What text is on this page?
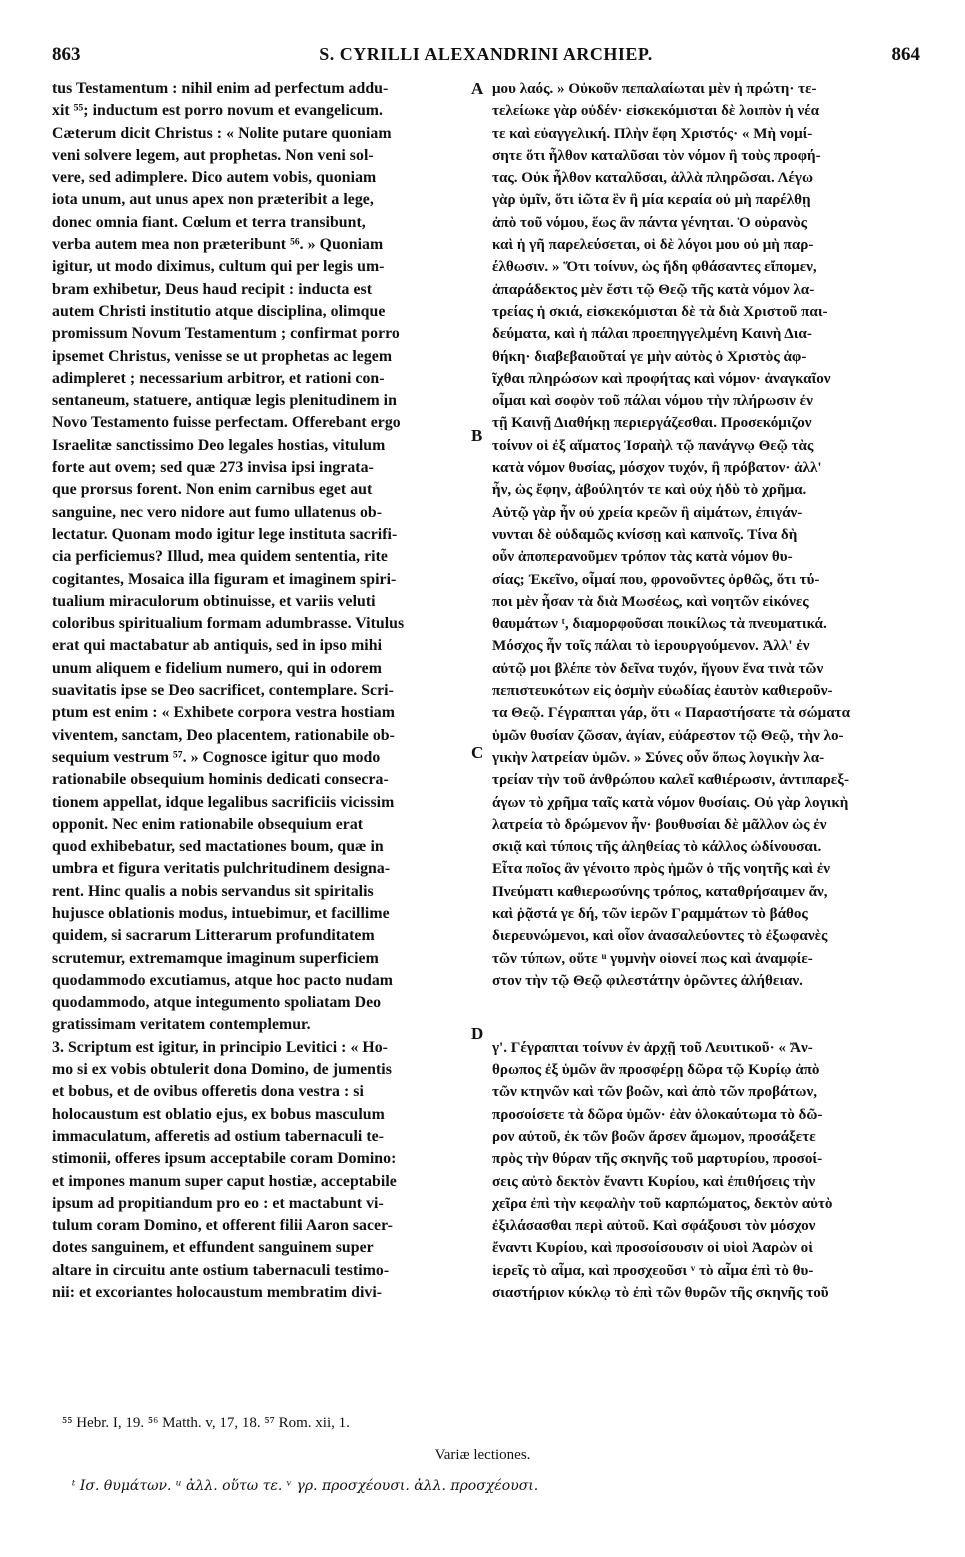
863	S. CYRILLI ALEXANDRINI ARCHIEP.	864
tus Testamentum : nihil enim ad perfectum addu-
xit ⁵⁵; inductum est porro novum et evangelicum.
Cæterum dicit Christus : « Nolite putare quoniam
veni solvere legem, aut prophetas. Non veni sol-
vere, sed adimplere. Dico autem vobis, quoniam
iota unum, aut unus apex non præteribit a lege,
donec omnia fiant. Cœlum et terra transibunt,
verba autem mea non præteribunt ⁵⁶. » Quoniam
igitur, ut modo diximus, cultum qui per legis um-
bram exhibetur, Deus haud recipit : inducta est
autem Christi institutio atque disciplina, olimque
promissum Novum Testamentum ; confirmat porro
ipsemet Christus, venisse se ut prophetas ac legem
adimpleret ; necessarium arbitror, et rationi con-
sentaneum, statuere, antiquæ legis plenitudinem in
Novo Testamento fuisse perfectam. Offerebant ergo
Israelitæ sanctissimo Deo legales hostias, vitulum
forte aut ovem; sed quæ 273 invisa ipsi ingrata-
que prorsus forent. Non enim carnibus eget aut
sanguine, nec vero nidore aut fumo ullatenus ob-
lectatur. Quonam modo igitur lege instituta sacrifi-
cia perficiemus? Illud, mea quidem sententia, rite
cogitantes, Mosaica illa figuram et imaginem spiri-
tualium miraculorum obtinuisse, et variis veluti
coloribus spiritualium formam adumbrasse. Vitulus
erat qui mactabatur ab antiquis, sed in ipso mihi
unum aliquem e fidelium numero, qui in odorem
suavitatis ipse se Deo sacrificet, contemplare. Scri-
ptum est enim : « Exhibete corpora vestra hostiam
viventem, sanctam, Deo placentem, rationabile ob-
sequium vestrum ⁵⁷. » Cognosce igitur quo modo
rationabile obsequium hominis dedicati consecra-
tionem appellat, idque legalibus sacrificiis vicissim
opponit. Nec enim rationabile obsequium erat
quod exhibebatur, sed mactationes boum, quæ in
umbra et figura veritatis pulchritudinem designa-
rent. Hinc qualis a nobis servandus sit spiritalis
hujusce oblationis modus, intuebimur, et facillime
quidem, si sacrarum Litterarum profunditatem
scrutemur, extremamque imaginum superficiem
quodammodo excutiamus, atque hoc pacto nudam
quodammodo, atque integumento spoliatam Deo
gratissimam veritatem contemplemur.
3. Scriptum est igitur, in principio Levitici : « Ho-
mo si ex vobis obtulerit dona Domino, de jumentis
et bobus, et de ovibus offeretis dona vestra : si
holocaustum est oblatio ejus, ex bobus masculum
immaculatum, afferetis ad ostium tabernaculi te-
stimonii, offeres ipsum acceptabile coram Domino:
et impones manum super caput hostiæ, acceptabile
ipsum ad propitiandum pro eo : et mactabunt vi-
tulum coram Domino, et offerent filii Aaron sacer-
dotes sanguinem, et effundent sanguinem super
altare in circuitu ante ostium tabernaculi testimo-
nii: et excoriantes holocaustum membratim divi-
μου λαός. » Οὐκοῦν πεπαλαίωται μὲν ἡ πρώτη· τε-
τελείωκε γὰρ οὐδέν· εἰσκεκόμισται δὲ λοιπὸν ἡ νέα
τε καὶ εὐαγγελική. Πλὴν ἔφη Χριστός· « Μὴ νομί-
σητε ὅτι ἦλθον καταλῦσαι τὸν νόμον ἢ τοὺς προφή-
τας. Οὐκ ἦλθον καταλῦσαι, ἀλλὰ πληρῶσαι. Λέγω
γὰρ ὑμῖν, ὅτι ἰῶτα ἓν ἢ μία κεραία οὐ μὴ παρέλθῃ
ἀπὸ τοῦ νόμου, ἕως ἂν πάντα γένηται. Ὁ οὐρανὸς
καὶ ἡ γῆ παρελεύσεται, οἱ δὲ λόγοι μου οὐ μὴ παρ-
έλθωσιν. » Ὅτι τοίνυν, ὡς ἤδη φθάσαντες εἴπομεν,
ἀπαράδεκτος μὲν ἔστι τῷ Θεῷ τῆς κατὰ νόμον λα-
τρείας ἡ σκιά, εἰσκεκόμισται δὲ τὰ διὰ Χριστοῦ παι-
δεύματα, καὶ ἡ πάλαι προεπηγγελμένη Καινὴ Δια-
θήκη· διαβεβαιοῦταί γε μὴν αὐτὸς ὁ Χριστὸς ἀφ-
ῖχθαι πληρώσων καὶ προφήτας καὶ νόμον· ἀναγκαῖον
οἶμαι καὶ σοφὸν τοῦ πάλαι νόμου τὴν πλήρωσιν ἐν
τῇ Καινῇ Διαθήκῃ περιεργάζεσθαι. Προσεκόμιζον
τοίνυν οἱ ἐξ αἵματος Ἰσραὴλ τῷ πανάγνῳ Θεῷ τὰς
κατὰ νόμον θυσίας, μόσχον τυχόν, ἢ πρόβατον· ἀλλ'
ἦν, ὡς ἔφην, ἀβούλητόν τε καὶ οὐχ ἡδὺ τὸ χρῆμα.
Αὐτῷ γὰρ ἦν οὐ χρεία κρεῶν ἢ αἱμάτων, ἐπιγάν-
νυνται δὲ οὐδαμῶς κνίσσῃ καὶ καπνοῖς. Τίνα δὴ
οὖν ἀποπερανοῦμεν τρόπον τὰς κατὰ νόμον θυ-
σίας; Ἐκεῖνο, οἶμαί που, φρονοῦντες ὀρθῶς, ὅτι τύ-
ποι μὲν ἦσαν τὰ διὰ Μωσέως, καὶ νοητῶν εἰκόνες
θαυμάτων ᵗ, διαμορφοῦσαι ποικίλως τὰ πνευματικά.
Μόσχος ἦν τοῖς πάλαι τὸ ἱερουργούμενον. Ἀλλ' ἐν
αὐτῷ μοι βλέπε τὸν δεῖνα τυχόν, ἥγουν ἕνα τινὰ τῶν
πεπιστευκότων εἰς ὀσμὴν εὐωδίας ἑαυτὸν καθιεροῦν-
τα Θεῷ. Γέγραπται γάρ, ὅτι « Παραστήσατε τὰ σώματα
ὑμῶν θυσίαν ζῶσαν, ἁγίαν, εὐάρεστον τῷ Θεῷ, τὴν λο-
γικὴν λατρείαν ὑμῶν. » Σύνες οὖν ὅπως λογικὴν λα-
τρείαν τὴν τοῦ ἀνθρώπου καλεῖ καθιέρωσιν, ἀντιπαρεξ-
άγων τὸ χρῆμα ταῖς κατὰ νόμον θυσίαις. Οὐ γὰρ λογικὴ
λατρεία τὸ δρώμενον ἦν· βουθυσίαι δὲ μᾶλλον ὡς ἐν
σκιᾷ καὶ τύποις τῆς ἀληθείας τὸ κάλλος ὠδίνουσαι.
Εἶτα ποῖος ἂν γένοιτο πρὸς ἡμῶν ὁ τῆς νοητῆς καὶ ἐν
Πνεύματι καθιερωσύνης τρόπος, καταθρήσαιμεν ἄν,
καὶ ῥᾷστά γε δή, τῶν ἱερῶν Γραμμάτων τὸ βάθος
διερευνώμενοι, καὶ οἷον ἀνασαλεύοντες τὸ ἐξωφανὲς
τῶν τύπων, οὕτε ᵘ γυμνὴν οἱονεί πως καὶ ἀναμφίε-
στον τὴν τῷ Θεῷ φιλεστάτην ὁρῶντες ἀλήθειαν.
γ'. Γέγραπται τοίνυν ἐν ἀρχῇ τοῦ Λευιτικοῦ· « Ἄν-
θρωπος ἐξ ὑμῶν ἂν προσφέρῃ δῶρα τῷ Κυρίῳ ἀπὸ
τῶν κτηνῶν καὶ τῶν βοῶν, καὶ ἀπὸ τῶν προβάτων,
προσοίσετε τὰ δῶρα ὑμῶν· ἐὰν ὁλοκαύτωμα τὸ δῶ-
ρον αὐτοῦ, ἐκ τῶν βοῶν ἄρσεν ἄμωμον, προσάξετε
πρὸς τὴν θύραν τῆς σκηνῆς τοῦ μαρτυρίου, προσοί-
σεις αὐτὸ δεκτὸν ἔναντι Κυρίου, καὶ ἐπιθήσεις τὴν
χεῖρα ἐπὶ τὴν κεφαλὴν τοῦ καρπώματος, δεκτὸν αὐτὸ
ἐξιλάσασθαι περὶ αὐτοῦ. Καὶ σφάξουσι τὸν μόσχον
ἔναντι Κυρίου, καὶ προσοίσουσιν οἱ υἱοὶ Ἀαρὼν οἱ
ἱερεῖς τὸ αἷμα, καὶ προσχεοῦσι ᵛ τὸ αἷμα ἐπὶ τὸ θυ-
σιαστήριον κύκλῳ τὸ ἐπὶ τῶν θυρῶν τῆς σκηνῆς τοῦ
A
B
C
D
⁵⁵ Hebr. I, 19. ⁵⁶ Matth. v, 17, 18. ⁵⁷ Rom. xii, 1.
Variæ lectiones.
ᵗ Ισ. θυμάτων. ᵘ ἀλλ. οὕτω τε. ᵛ γρ. προσχέουσι. ἀλλ. προσχέουσι.
